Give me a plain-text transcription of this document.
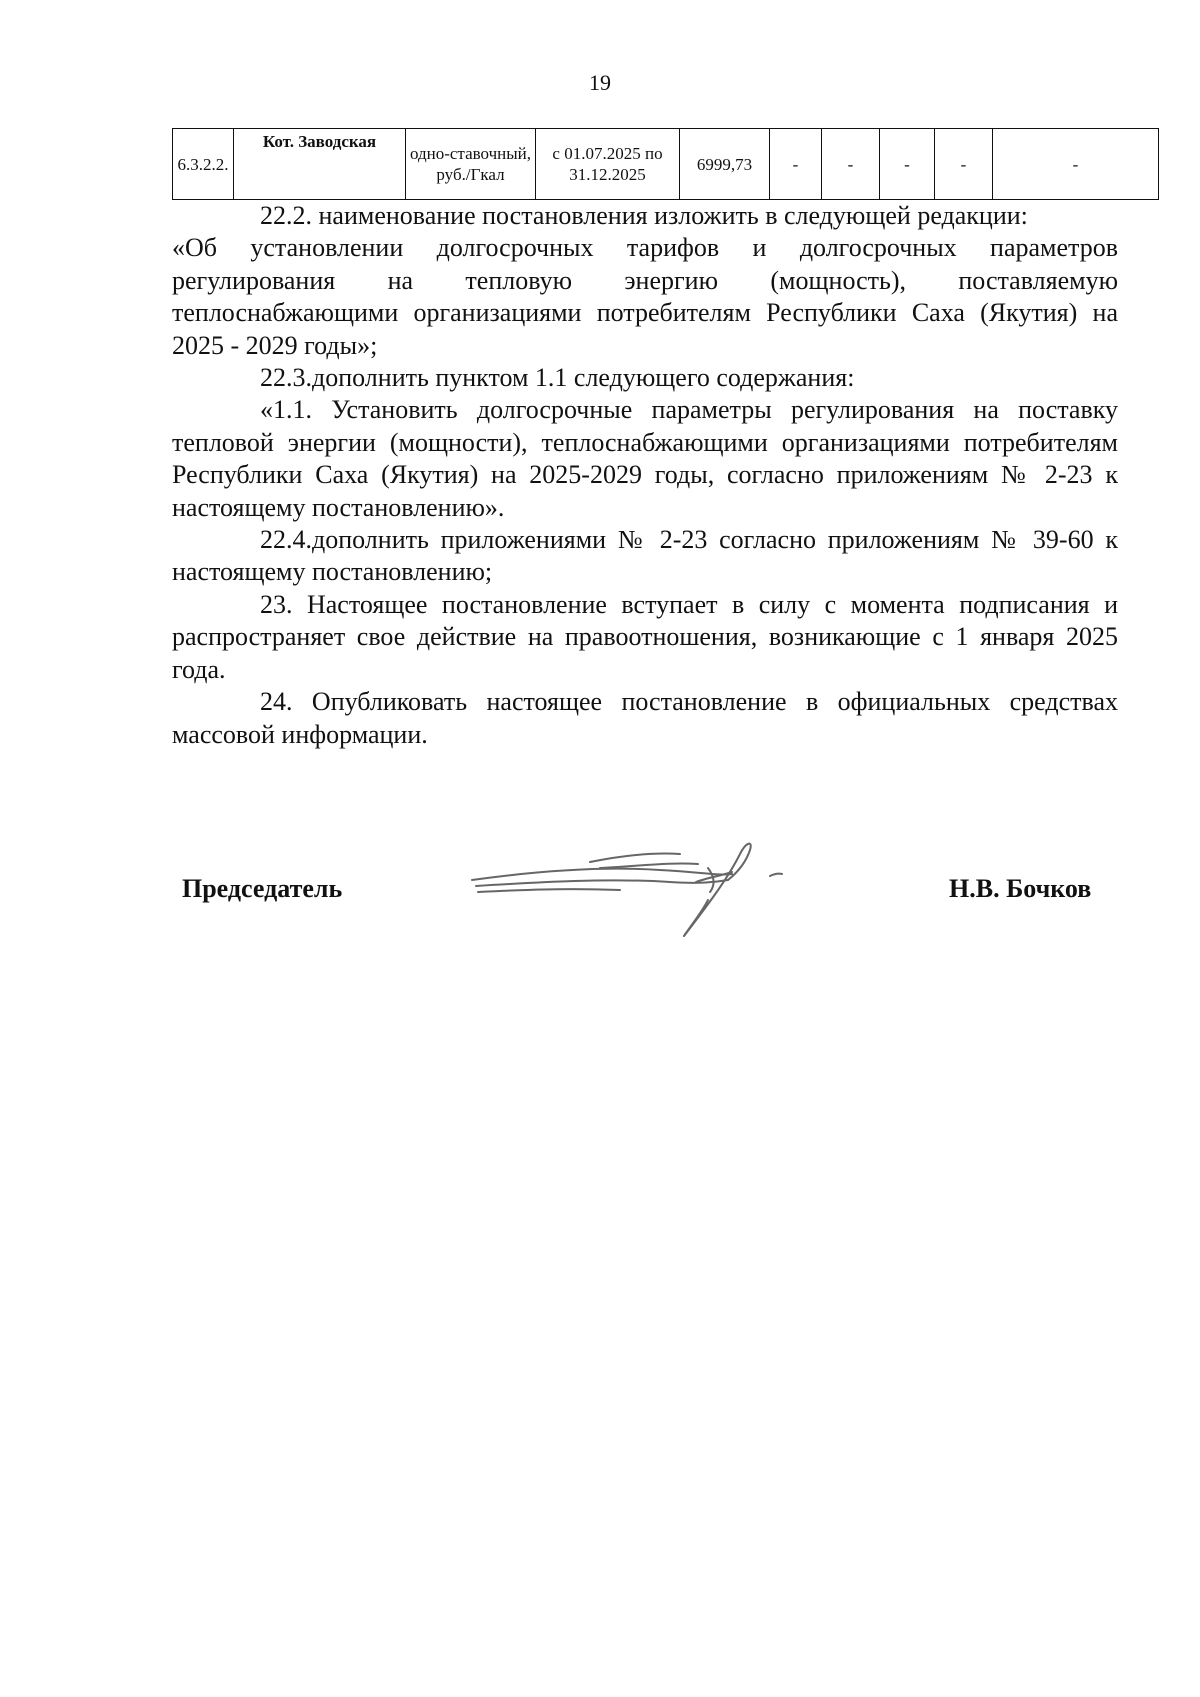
19
6.3.2.2.	Кот. Заводская	одно-ставочный, руб./Гкал	с 01.07.2025 по 31.12.2025	6999,73	-	-	-	-	-

22.2. наименование постановления изложить в следующей редакции:

«Об установлении долгосрочных тарифов и долгосрочных параметров регулирования на тепловую энергию (мощность), поставляемую теплоснабжающими организациями потребителям Республики Саха (Якутия) на 2025 - 2029 годы»;

22.3.дополнить пунктом 1.1 следующего содержания:

«1.1. Установить долгосрочные параметры регулирования на поставку тепловой энергии (мощности), теплоснабжающими организациями потребителям Республики Саха (Якутия) на 2025-2029 годы, согласно приложениям № 2-23 к настоящему постановлению».

22.4.дополнить приложениями № 2-23 согласно приложениям № 39-60 к настоящему постановлению;

23. Настоящее постановление вступает в силу с момента подписания и распространяет свое действие на правоотношения, возникающие с 1 января 2025 года.

24. Опубликовать настоящее постановление в официальных средствах массовой информации.

Председатель	Н.В. Бочков
